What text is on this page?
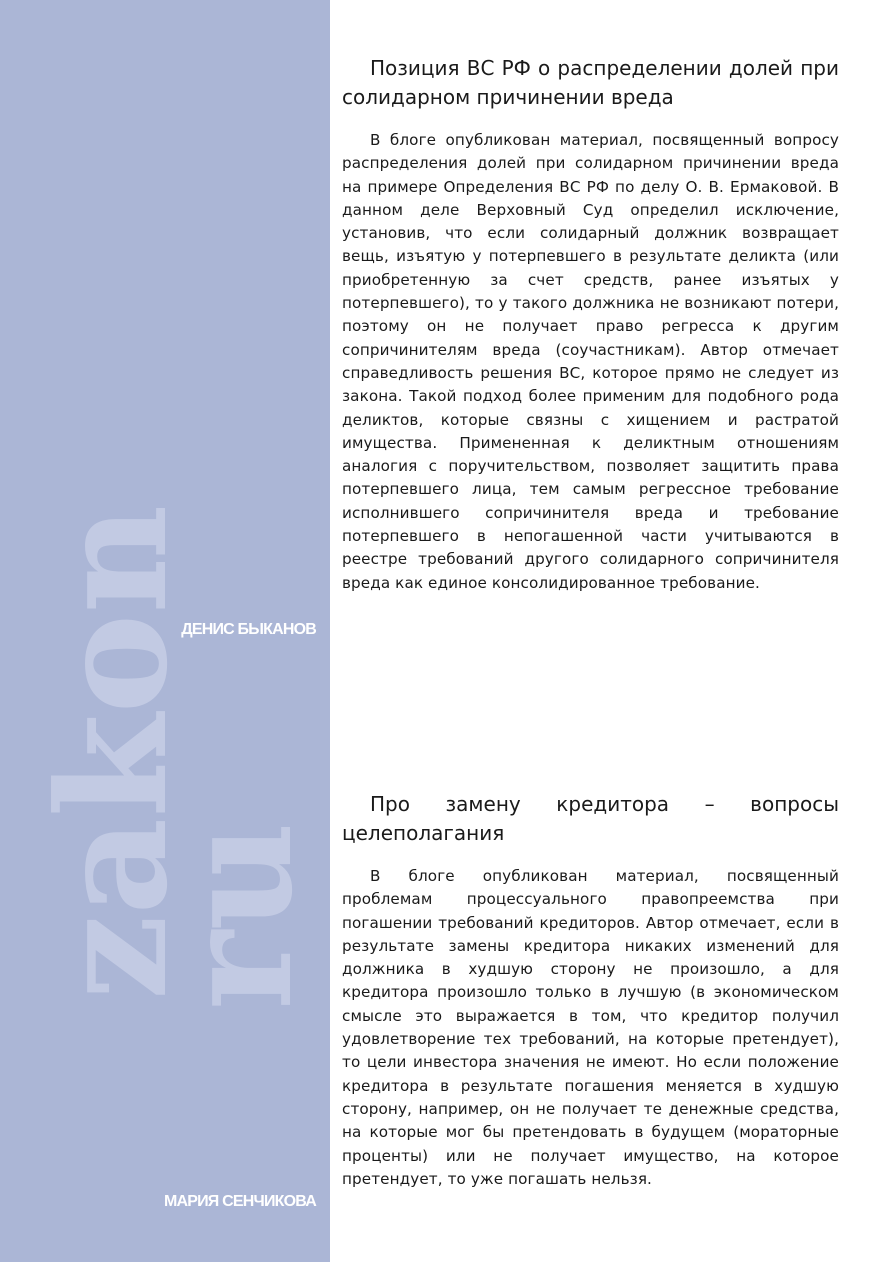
zakon
ru
ДЕНИС БЫКАНОВ
МАРИЯ СЕНЧИКОВА
Позиция ВС РФ о распределении долей при солидарном причинении вреда

В блоге опубликован материал, посвященный вопросу распределения долей при солидарном причинении вреда на примере Определения ВС РФ по делу О. В. Ермаковой. В данном деле Верховный Суд определил исключение, установив, что если солидарный должник возвращает вещь, изъятую у потерпевшего в результате деликта (или приобретенную за счет средств, ранее изъятых у потерпевшего), то у такого должника не возникают потери, поэтому он не получает право регресса к другим сопричинителям вреда (соучастникам). Автор отмечает справедливость решения ВС, которое прямо не следует из закона. Такой подход более применим для подобного рода деликтов, которые связны с хищением и растратой имущества. Примененная к деликтным отношениям аналогия с поручительством, позволяет защитить права потерпевшего лица, тем самым регрессное требование исполнившего сопричинителя вреда и требование потерпевшего в непогашенной части учитываются в реестре требований другого солидарного сопричинителя вреда как единое консолидированное требование.

Про замену кредитора – вопросы целеполагания

В блоге опубликован материал, посвященный проблемам процессуального правопреемства при погашении требований кредиторов. Автор отмечает, если в результате замены кредитора никаких изменений для должника в худшую сторону не произошло, а для кредитора произошло только в лучшую (в экономическом смысле это выражается в том, что кредитор получил удовлетворение тех требований, на которые претендует), то цели инвестора значения не имеют. Но если положение кредитора в результате погашения меняется в худшую сторону, например, он не получает те денежные средства, на которые мог бы претендовать в будущем (мораторные проценты) или не получает имущество, на которое претендует, то уже погашать нельзя.
